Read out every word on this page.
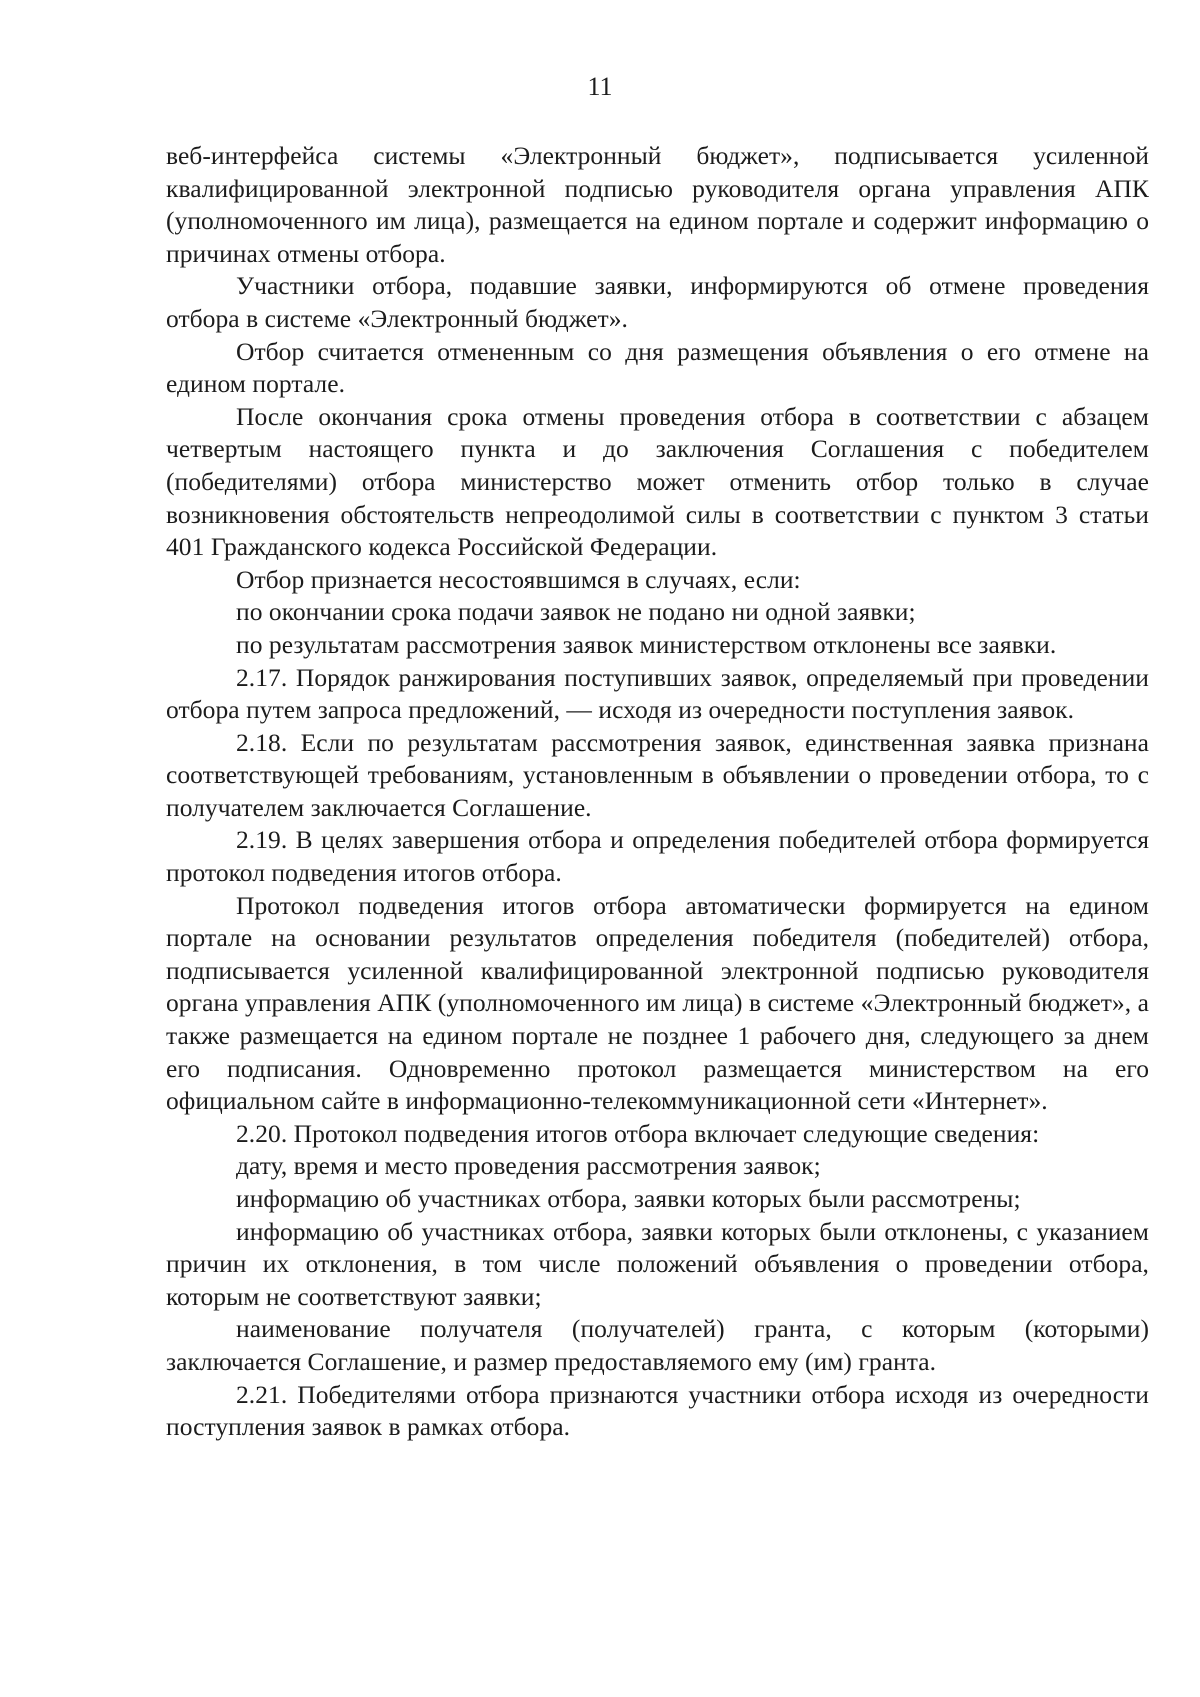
11

веб-интерфейса системы «Электронный бюджет», подписывается усиленной квалифицированной электронной подписью руководителя органа управления АПК (уполномоченного им лица), размещается на едином портале и содержит информацию о причинах отмены отбора.

Участники отбора, подавшие заявки, информируются об отмене проведения отбора в системе «Электронный бюджет».

Отбор считается отмененным со дня размещения объявления о его отмене на едином портале.

После окончания срока отмены проведения отбора в соответствии с абзацем четвертым настоящего пункта и до заключения Соглашения с победителем (победителями) отбора министерство может отменить отбор только в случае возникновения обстоятельств непреодолимой силы в соответствии с пунктом 3 статьи 401 Гражданского кодекса Российской Федерации.

Отбор признается несостоявшимся в случаях, если:

по окончании срока подачи заявок не подано ни одной заявки;

по результатам рассмотрения заявок министерством отклонены все заявки.

2.17. Порядок ранжирования поступивших заявок, определяемый при проведении отбора путем запроса предложений, — исходя из очередности поступления заявок.

2.18. Если по результатам рассмотрения заявок, единственная заявка признана соответствующей требованиям, установленным в объявлении о проведении отбора, то с получателем заключается Соглашение.

2.19. В целях завершения отбора и определения победителей отбора формируется протокол подведения итогов отбора.

Протокол подведения итогов отбора автоматически формируется на едином портале на основании результатов определения победителя (победителей) отбора, подписывается усиленной квалифицированной электронной подписью руководителя органа управления АПК (уполномоченного им лица) в системе «Электронный бюджет», а также размещается на едином портале не позднее 1 рабочего дня, следующего за днем его подписания. Одновременно протокол размещается министерством на его официальном сайте в информационно-телекоммуникационной сети «Интернет».

2.20. Протокол подведения итогов отбора включает следующие сведения:

дату, время и место проведения рассмотрения заявок;

информацию об участниках отбора, заявки которых были рассмотрены;

информацию об участниках отбора, заявки которых были отклонены, с указанием причин их отклонения, в том числе положений объявления о проведении отбора, которым не соответствуют заявки;

наименование получателя (получателей) гранта, с которым (которыми) заключается Соглашение, и размер предоставляемого ему (им) гранта.

2.21. Победителями отбора признаются участники отбора исходя из очередности поступления заявок в рамках отбора.
